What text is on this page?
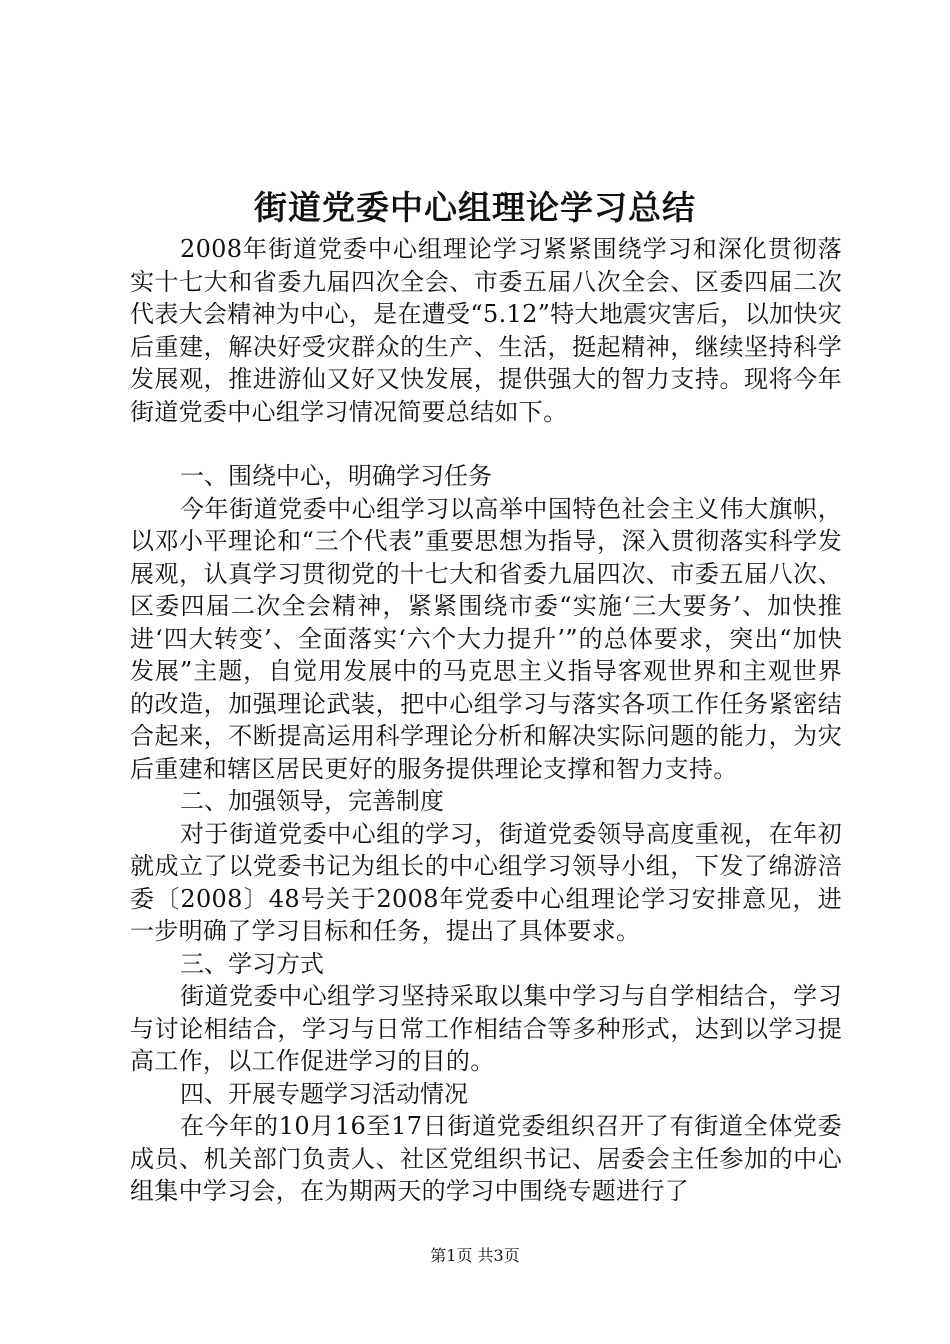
街道党委中心组理论学习总结

2008年街道党委中心组理论学习紧紧围绕学习和深化贯彻落实十七大和省委九届四次全会、市委五届八次全会、区委四届二次代表大会精神为中心，是在遭受“5.12”特大地震灾害后，以加快灾后重建，解决好受灾群众的生产、生活，挺起精神，继续坚持科学发展观，推进游仙又好又快发展，提供强大的智力支持。现将今年街道党委中心组学习情况简要总结如下。

一、围绕中心，明确学习任务

今年街道党委中心组学习以高举中国特色社会主义伟大旗帜，以邓小平理论和“三个代表”重要思想为指导，深入贯彻落实科学发展观，认真学习贯彻党的十七大和省委九届四次、市委五届八次、区委四届二次全会精神，紧紧围绕市委“实施‘三大要务’、加快推进‘四大转变’、全面落实‘六个大力提升’”的总体要求，突出“加快发展”主题，自觉用发展中的马克思主义指导客观世界和主观世界的改造，加强理论武装，把中心组学习与落实各项工作任务紧密结合起来，不断提高运用科学理论分析和解决实际问题的能力，为灾后重建和辖区居民更好的服务提供理论支撑和智力支持。

二、加强领导，完善制度

对于街道党委中心组的学习，街道党委领导高度重视，在年初就成立了以党委书记为组长的中心组学习领导小组，下发了绵游涪委〔2008〕48号关于2008年党委中心组理论学习安排意见，进一步明确了学习目标和任务，提出了具体要求。

三、学习方式

街道党委中心组学习坚持采取以集中学习与自学相结合，学习与讨论相结合，学习与日常工作相结合等多种形式，达到以学习提高工作，以工作促进学习的目的。

四、开展专题学习活动情况

在今年的10月16至17日街道党委组织召开了有街道全体党委成员、机关部门负责人、社区党组织书记、居委会主任参加的中心组集中学习会，在为期两天的学习中围绕专题进行了

第1页 共3页
